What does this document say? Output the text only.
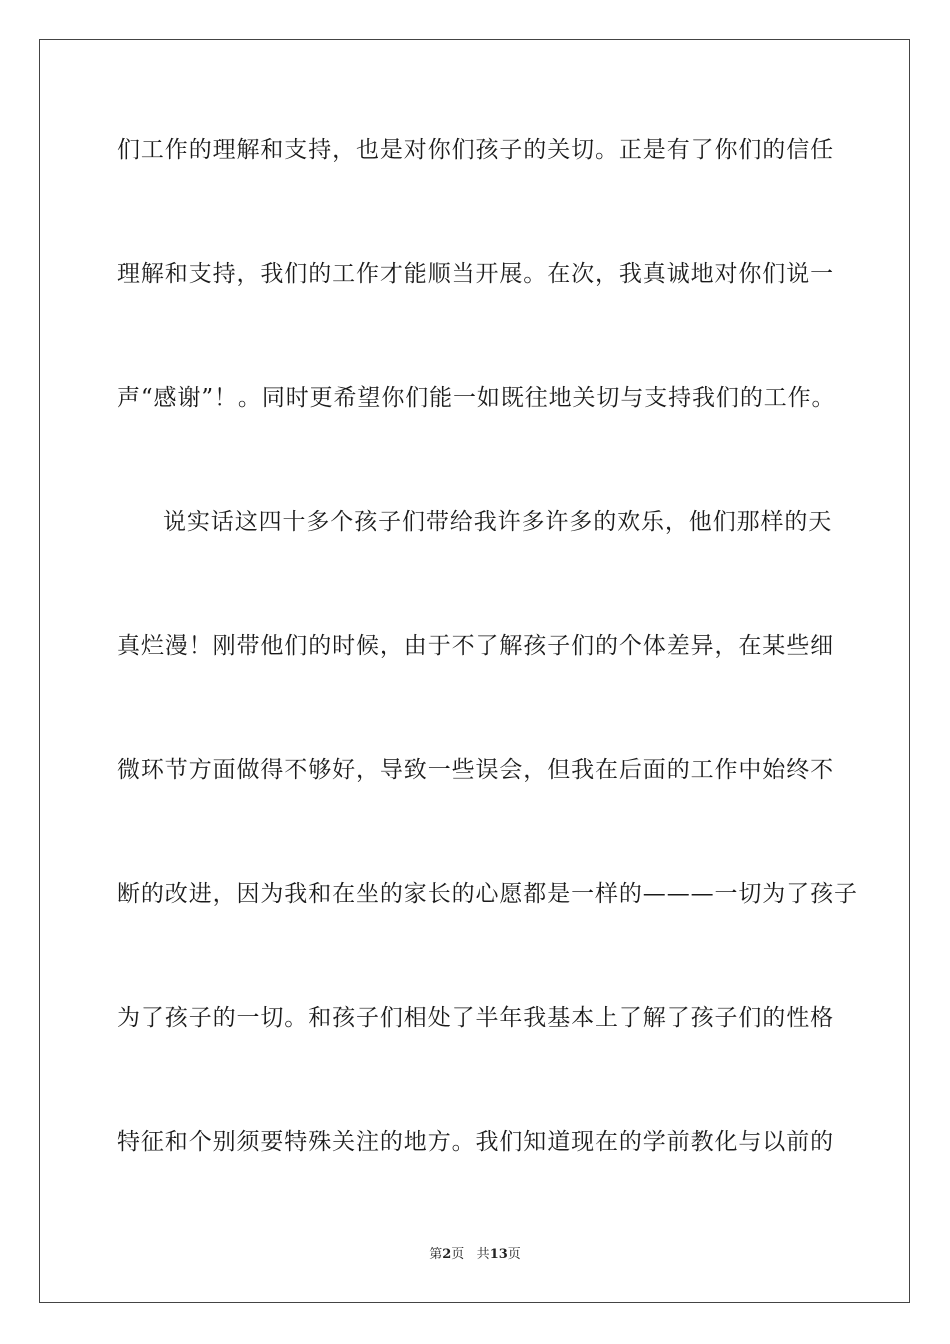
们工作的理解和支持，也是对你们孩子的关切。正是有了你们的信任
理解和支持，我们的工作才能顺当开展。在次，我真诚地对你们说一
声“感谢”！。同时更希望你们能一如既往地关切与支持我们的工作。
说实话这四十多个孩子们带给我许多许多的欢乐，他们那样的天
真烂漫！刚带他们的时候，由于不了解孩子们的个体差异，在某些细
微环节方面做得不够好，导致一些误会，但我在后面的工作中始终不
断的改进，因为我和在坐的家长的心愿都是一样的———一切为了孩子
为了孩子的一切。和孩子们相处了半年我基本上了解了孩子们的性格
特征和个别须要特殊关注的地方。我们知道现在的学前教化与以前的
第2页 共13页
